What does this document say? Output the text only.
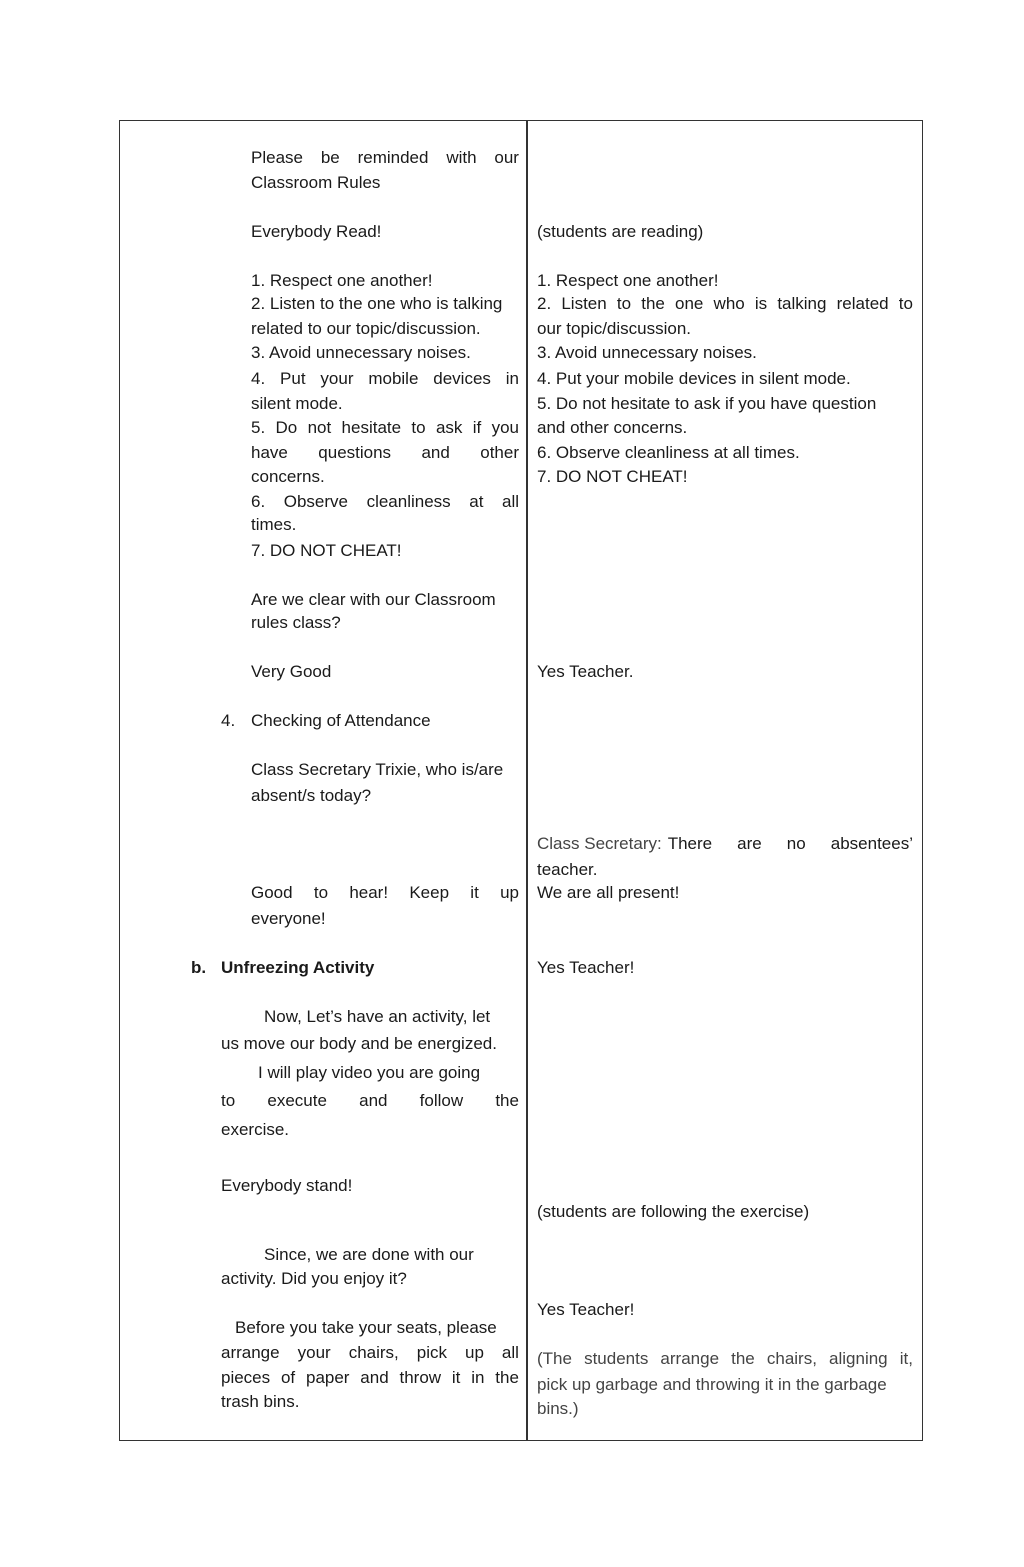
Please be reminded with our
Classroom Rules
Everybody Read!
1. Respect one another!
2. Listen to the one who is talking
related to our topic/discussion.
3. Avoid unnecessary noises.
4. Put your mobile devices in
silent mode.
5. Do not hesitate to ask if you
have questions and other
concerns.
6. Observe cleanliness at all
times.
7. DO NOT CHEAT!
Are we clear with our Classroom
rules class?
Very Good
4. Checking of Attendance
Class Secretary Trixie, who is/are
absent/s today?
Good to hear! Keep it up
everyone!
b. Unfreezing Activity
Now, Let’s have an activity, let
us move our body and be energized.
I will play video you are going
to execute and follow the
exercise.
Everybody stand!
Since, we are done with our
activity. Did you enjoy it?
Before you take your seats, please
arrange your chairs, pick up all
pieces of paper and throw it in the
trash bins.
(students are reading)
1. Respect one another!
2. Listen to the one who is talking related to
our topic/discussion.
3. Avoid unnecessary noises.
4. Put your mobile devices in silent mode.
5. Do not hesitate to ask if you have question
and other concerns.
6. Observe cleanliness at all times.
7. DO NOT CHEAT!
Yes Teacher.
Class Secretary: There are no absentees’
teacher.
We are all present!
Yes Teacher!
(students are following the exercise)
Yes Teacher!
(The students arrange the chairs, aligning it,
pick up garbage and throwing it in the garbage
bins.)
